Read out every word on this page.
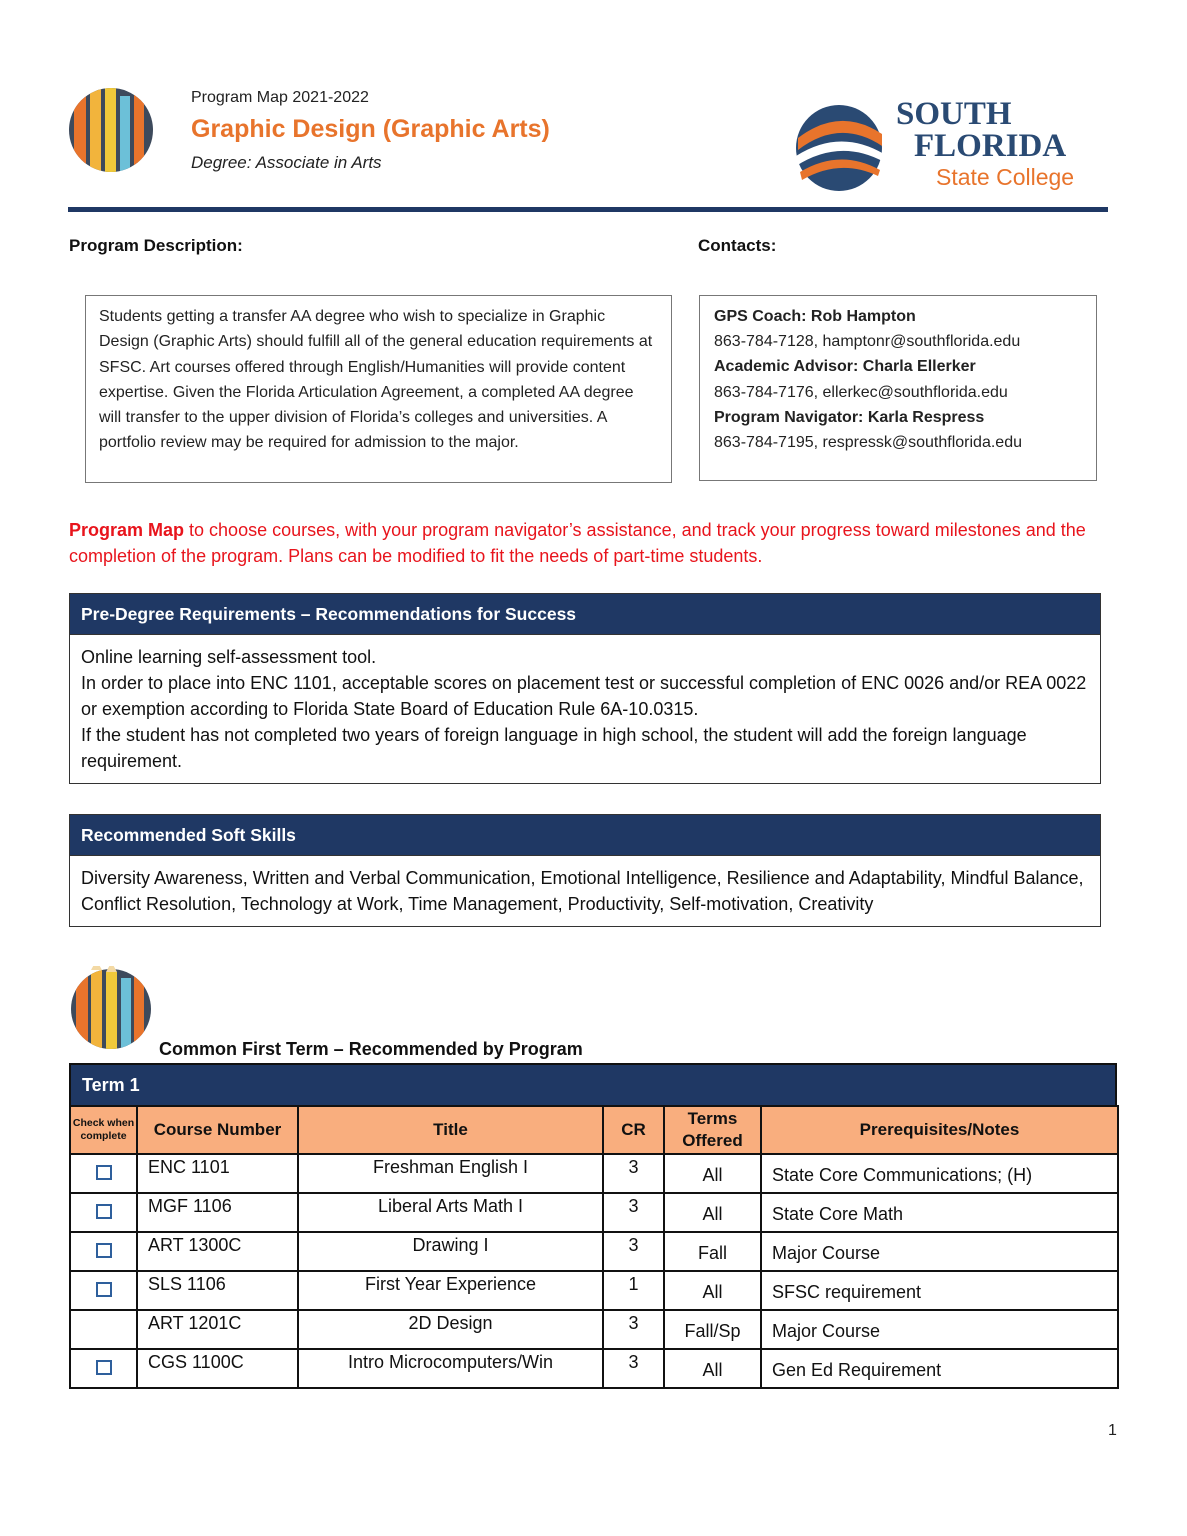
Program Map 2021-2022
Graphic Design (Graphic Arts)
Degree: Associate in Arts
SOUTH
FLORIDA
State College
Program Description:	Contacts:
Students getting a transfer AA degree who wish to specialize in Graphic Design (Graphic Arts) should fulfill all of the general education requirements at SFSC. Art courses offered through English/Humanities will provide content expertise. Given the Florida Articulation Agreement, a completed AA degree will transfer to the upper division of Florida’s colleges and universities. A portfolio review may be required for admission to the major.
GPS Coach: Rob Hampton
863-784-7128, hamptonr@southflorida.edu
Academic Advisor: Charla Ellerker
863-784-7176, ellerkec@southflorida.edu
Program Navigator: Karla Respress
863-784-7195, respressk@southflorida.edu
Program Map to choose courses, with your program navigator’s assistance, and track your progress toward milestones and the completion of the program. Plans can be modified to fit the needs of part-time students.
Pre-Degree Requirements – Recommendations for Success
Online learning self-assessment tool.
In order to place into ENC 1101, acceptable scores on placement test or successful completion of ENC 0026 and/or REA 0022 or exemption according to Florida State Board of Education Rule 6A-10.0315.
If the student has not completed two years of foreign language in high school, the student will add the foreign language requirement.
Recommended Soft Skills
Diversity Awareness, Written and Verbal Communication, Emotional Intelligence, Resilience and Adaptability, Mindful Balance, Conflict Resolution, Technology at Work, Time Management, Productivity, Self-motivation, Creativity
Common First Term – Recommended by Program
Term 1
Check when complete	Course Number	Title	CR	Terms Offered	Prerequisites/Notes
	ENC 1101	Freshman English I	3	All	State Core Communications; (H)
	MGF 1106	Liberal Arts Math I	3	All	State Core Math
	ART 1300C	Drawing I	3	Fall	Major Course
	SLS 1106	First Year Experience	1	All	SFSC requirement
	ART 1201C	2D Design	3	Fall/Sp	Major Course
	CGS 1100C	Intro Microcomputers/Win	3	All	Gen Ed Requirement
1
